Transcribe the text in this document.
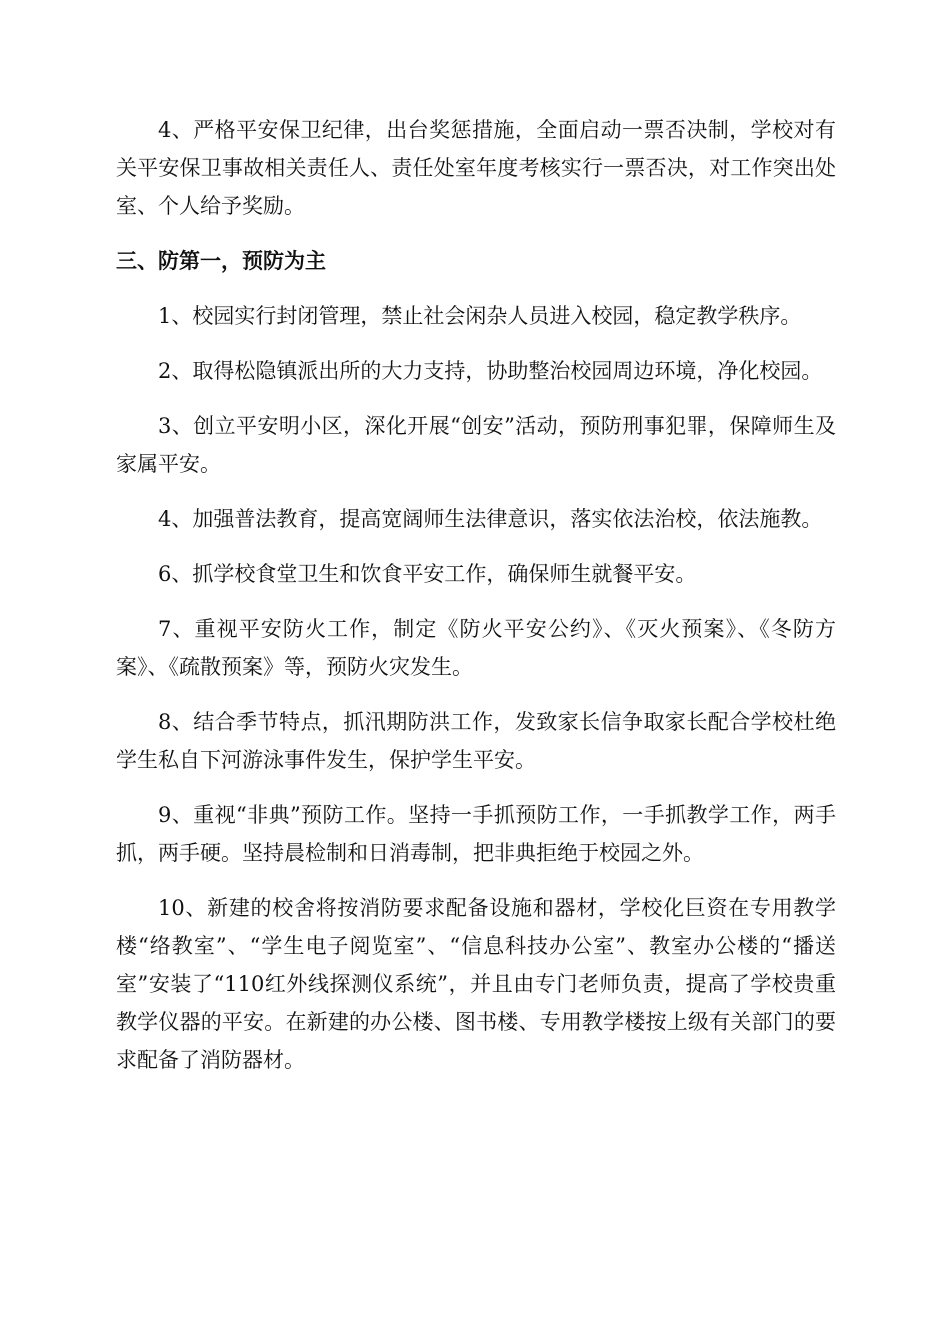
4、严格平安保卫纪律，出台奖惩措施，全面启动一票否决制，学校对有关平安保卫事故相关责任人、责任处室年度考核实行一票否决，对工作突出处室、个人给予奖励。

三、防第一，预防为主

1、校园实行封闭管理，禁止社会闲杂人员进入校园，稳定教学秩序。

2、取得松隐镇派出所的大力支持，协助整治校园周边环境，净化校园。

3、创立平安明小区，深化开展“创安”活动，预防刑事犯罪，保障师生及家属平安。

4、加强普法教育，提高宽阔师生法律意识，落实依法治校，依法施教。

6、抓学校食堂卫生和饮食平安工作，确保师生就餐平安。

7、重视平安防火工作，制定《防火平安公约》、《灭火预案》、《冬防方案》、《疏散预案》等，预防火灾发生。

8、结合季节特点，抓汛期防洪工作，发致家长信争取家长配合学校杜绝学生私自下河游泳事件发生，保护学生平安。

9、重视“非典”预防工作。坚持一手抓预防工作，一手抓教学工作，两手抓，两手硬。坚持晨检制和日消毒制，把非典拒绝于校园之外。

10、新建的校舍将按消防要求配备设施和器材，学校化巨资在专用教学楼“络教室”、“学生电子阅览室”、“信息科技办公室”、教室办公楼的“播送室”安装了“110红外线探测仪系统”，并且由专门老师负责，提高了学校贵重教学仪器的平安。在新建的办公楼、图书楼、专用教学楼按上级有关部门的要求配备了消防器材。
